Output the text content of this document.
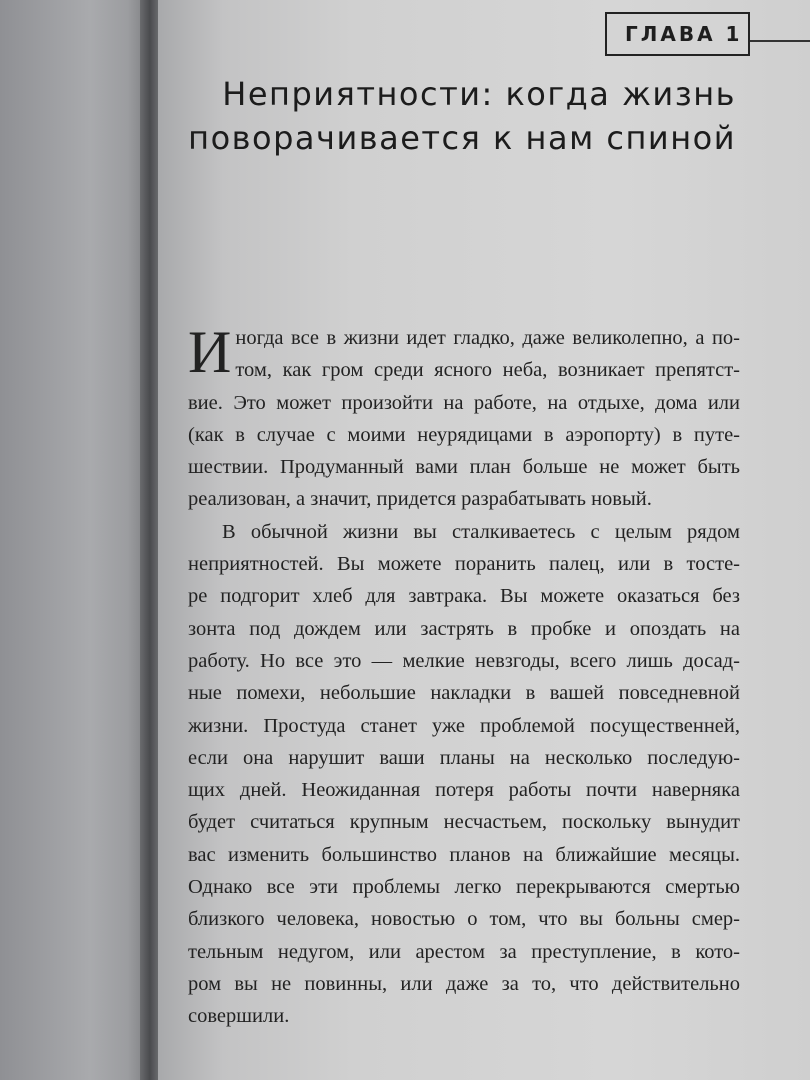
ГЛАВА 1
Неприятности: когда жизнь
поворачивается к нам спиной

И ногда все в жизни идет гладко, даже великолепно, а по-
том, как гром среди ясного неба, возникает препятст-
вие. Это может произойти на работе, на отдыхе, дома или
(как в случае с моими неурядицами в аэропорту) в путе-
шествии. Продуманный вами план больше не может быть
реализован, а значит, придется разрабатывать новый.

В обычной жизни вы сталкиваетесь с целым рядом
неприятностей. Вы можете поранить палец, или в тосте-
ре подгорит хлеб для завтрака. Вы можете оказаться без
зонта под дождем или застрять в пробке и опоздать на
работу. Но все это — мелкие невзгоды, всего лишь досад-
ные помехи, небольшие накладки в вашей повседневной
жизни. Простуда станет уже проблемой посущественней,
если она нарушит ваши планы на несколько последую-
щих дней. Неожиданная потеря работы почти наверняка
будет считаться крупным несчастьем, поскольку вынудит
вас изменить большинство планов на ближайшие месяцы.
Однако все эти проблемы легко перекрываются смертью
близкого человека, новостью о том, что вы больны смер-
тельным недугом, или арестом за преступление, в кото-
ром вы не повинны, или даже за то, что действительно
совершили.
